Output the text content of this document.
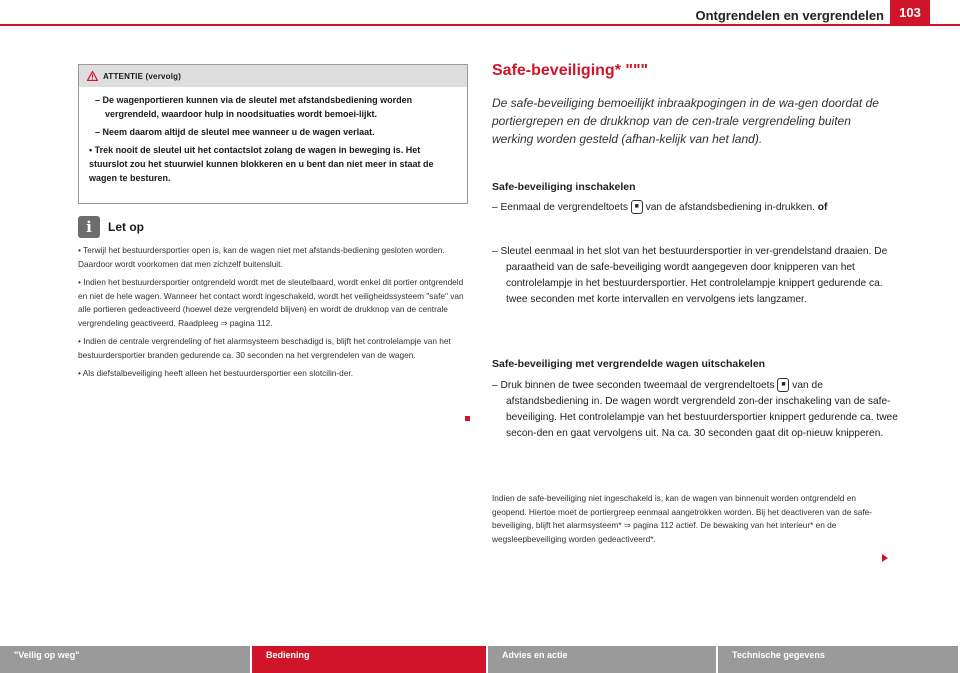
Ontgrendelen en vergrendelen	103
ATTENTIE (vervolg)

– De wagenportieren kunnen via de sleutel met afstandsbediening worden vergrendeld, waardoor hulp in noodsituaties wordt bemoei-lijkt.

– Neem daarom altijd de sleutel mee wanneer u de wagen verlaat.

• Trek nooit de sleutel uit het contactslot zolang de wagen in beweging is. Het stuurslot zou het stuurwiel kunnen blokkeren en u bent dan niet meer in staat de wagen te besturen.

i	Let op

• Terwijl het bestuurdersportier open is, kan de wagen niet met afstands-bediening gesloten worden. Daardoor wordt voorkomen dat men zichzelf buitensluit.

• Indien het bestuurdersportier ontgrendeld wordt met de sleutelbaard, wordt enkel dit portier ontgrendeld en niet de hele wagen. Wanneer het contact wordt ingeschakeld, wordt het veiligheidssysteem "safe" van alle portieren gedeactiveerd (hoewel deze vergrendeld blijven) en wordt de drukknop van de centrale vergrendeling geactiveerd. Raadpleeg ⇒ pagina 112.

• Indien de centrale vergrendeling of het alarmsysteem beschadigd is, blijft het controlelampje van het bestuurdersportier branden gedurende ca. 30 seconden na het vergrendelen van de wagen.

• Als diefstalbeveiliging heeft alleen het bestuurdersportier een slotcilin-der.

Safe-beveiliging* """
De safe-beveiliging bemoeilijkt inbraakpogingen in de wa-gen doordat de portiergrepen en de drukknop van de cen-trale vergrendeling buiten werking worden gesteld (afhan-kelijk van het land).
Safe-beveiliging inschakelen
– Eenmaal de vergrendeltoets ■ van de afstandsbediening in-drukken. of
– Sleutel eenmaal in het slot van het bestuurdersportier in ver-grendelstand draaien. De paraatheid van de safe-beveiliging wordt aangegeven door knipperen van het controlelampje in het bestuurdersportier. Het controlelampje knippert gedurende ca. twee seconden met korte intervallen en vervolgens iets langzamer.
Safe-beveiliging met vergrendelde wagen uitschakelen
– Druk binnen de twee seconden tweemaal de vergrendeltoets ■ van de afstandsbediening in. De wagen wordt vergrendeld zon-der inschakeling van de safe-beveiliging. Het controlelampje van het bestuurdersportier knippert gedurende ca. twee secon-den en gaat vervolgens uit. Na ca. 30 seconden gaat dit op-nieuw knipperen.
Indien de safe-beveiliging niet ingeschakeld is, kan de wagen van binnenuit worden ontgrendeld en geopend. Hiertoe moet de portiergreep eenmaal aangetrokken worden. Bij het deactiveren van de safe-beveiliging, blijft het alarmsysteem* ⇒ pagina 112 actief. De bewaking van het interieur* en de wegsleepbeveiliging worden gedeactiveerd*.
"Veilig op weg"	Bediening	Advies en actie	Technische gegevens
